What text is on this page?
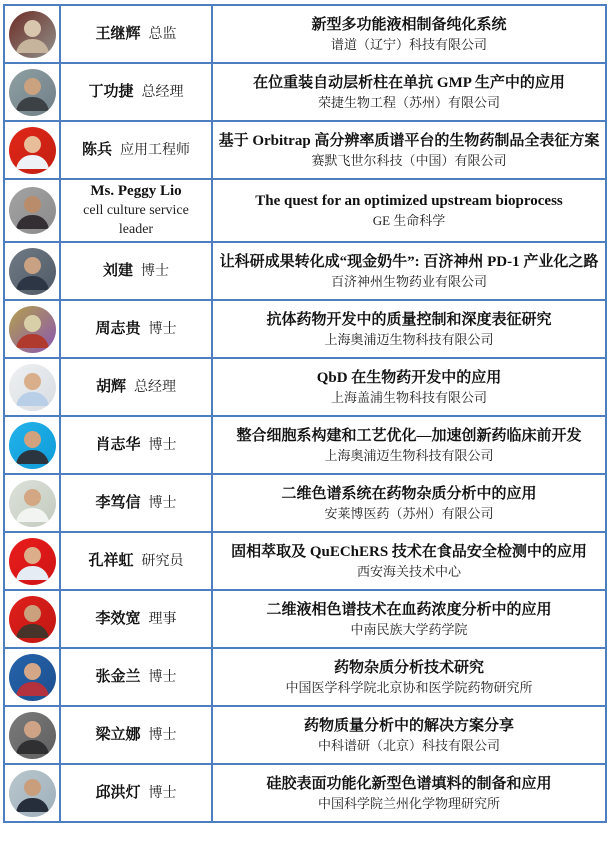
王继辉 总监

新型多功能液相制备纯化系统
谱道（辽宁）科技有限公司

丁功捷 总经理

在位重装自动层析柱在单抗 GMP 生产中的应用
荣捷生物工程（苏州）有限公司

陈兵 应用工程师

基于 Orbitrap 高分辨率质谱平台的生物药制品全表征方案
赛默飞世尔科技（中国）有限公司

Ms. Peggy Lio
cell culture service leader

The quest for an optimized upstream bioprocess
GE 生命科学

刘建 博士

让科研成果转化成“现金奶牛”: 百济神州 PD-1 产业化之路
百济神州生物药业有限公司

周志贵 博士

抗体药物开发中的质量控制和深度表征研究
上海奥浦迈生物科技有限公司

胡辉 总经理

QbD 在生物药开发中的应用
上海盖浦生物科技有限公司

肖志华 博士

整合细胞系构建和工艺优化—加速创新药临床前开发
上海奥浦迈生物科技有限公司

李笃信 博士

二维色谱系统在药物杂质分析中的应用
安莱博医药（苏州）有限公司

孔祥虹 研究员

固相萃取及 QuEChERS 技术在食品安全检测中的应用
西安海关技术中心

李效宽 理事

二维液相色谱技术在血药浓度分析中的应用
中南民族大学药学院

张金兰 博士

药物杂质分析技术研究
中国医学科学院北京协和医学院药物研究所

梁立娜 博士

药物质量分析中的解决方案分享
中科谱研（北京）科技有限公司

邱洪灯 博士

硅胶表面功能化新型色谱填料的制备和应用
中国科学院兰州化学物理研究所
